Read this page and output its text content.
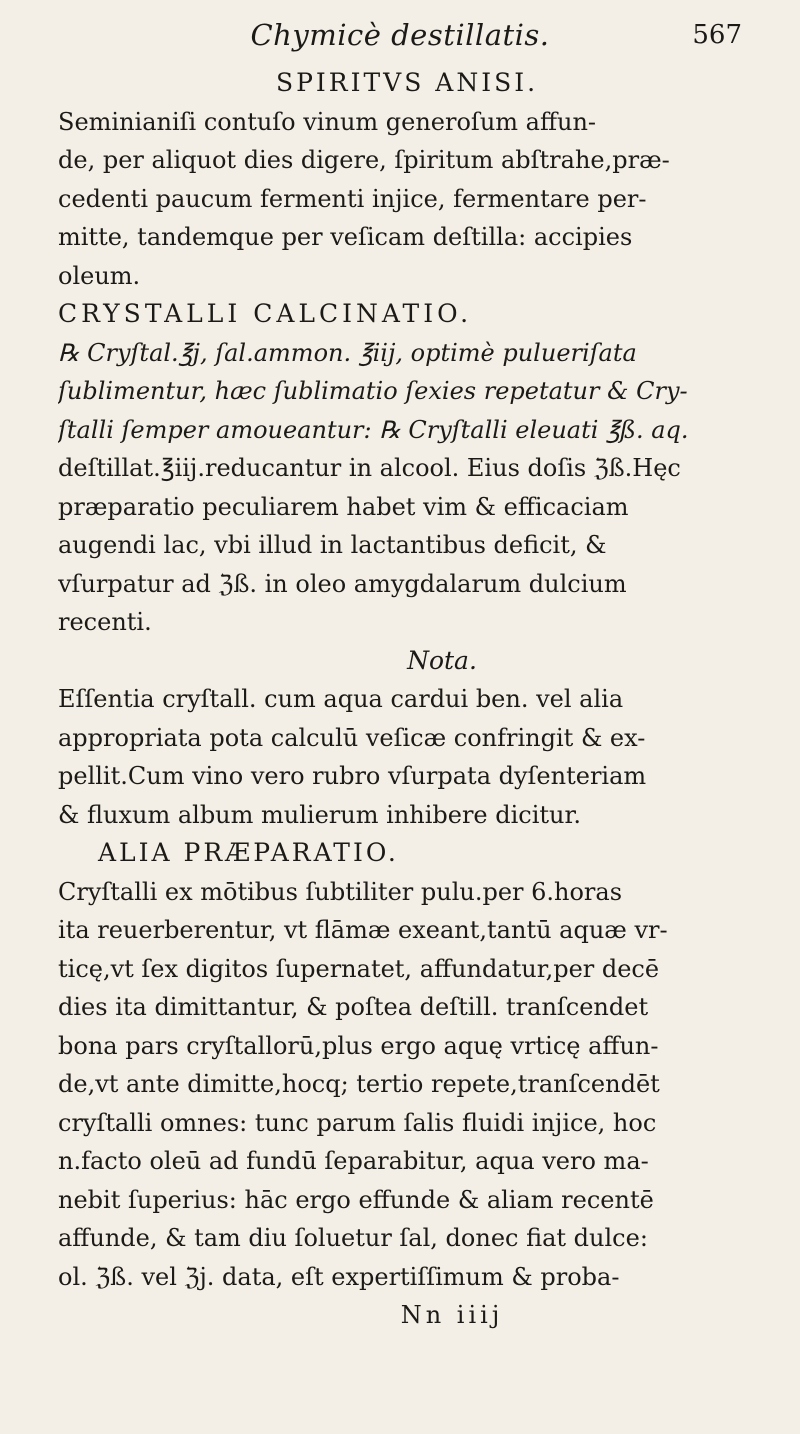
Chymicè destillatis.	567
SPIRITVS ANISI.
Seminianiſi contuſo vinum generoſum affun-
de, per aliquot dies digere, ſpiritum abſtrahe,præ-
cedenti paucum fermenti injice, fermentare per-
mitte, tandemque per veſicam deſtilla: accipies
oleum.
CRYSTALLI CALCINATIO.
℞ Cryſtal.℥j, ſal.ammon. ℥iij, optimè pulueriſata
ſublimentur, hæc ſublimatio ſexies repetatur & Cry-
ſtalli ſemper amoueantur: ℞ Cryſtalli eleuati ℥ß. aq.
deſtillat.℥iij.reducantur in alcool. Eius doſis ℨß.Hęc
præparatio peculiarem habet vim & efficaciam
augendi lac, vbi illud in lactantibus deficit, &
vſurpatur ad ℨß. in oleo amygdalarum dulcium
recenti.
Nota.
Eſſentia cryſtall. cum aqua cardui ben. vel alia
appropriata pota calculū veſicæ confringit & ex-
pellit.Cum vino vero rubro vſurpata dyſenteriam
& fluxum album mulierum inhibere dicitur.
ALIA PRÆPARATIO.
Cryſtalli ex mōtibus ſubtiliter pulu.per 6.horas
ita reuerberentur, vt flāmæ exeant,tantū aquæ vr-
ticę,vt ſex digitos ſupernatet, affundatur,per decē
dies ita dimittantur, & poſtea deſtill. tranſcendet
bona pars cryſtallorū,plus ergo aquę vrticę affun-
de,vt ante dimitte,hocq; tertio repete,tranſcendēt
cryſtalli omnes: tunc parum ſalis fluidi injice, hoc
n.facto oleū ad fundū ſeparabitur, aqua vero ma-
nebit ſuperius: hāc ergo effunde & aliam recentē
affunde, & tam diu ſoluetur ſal, donec fiat dulce:
ol. ℨß. vel ℨj. data, eſt expertiſſimum & proba-
Nn iiij
